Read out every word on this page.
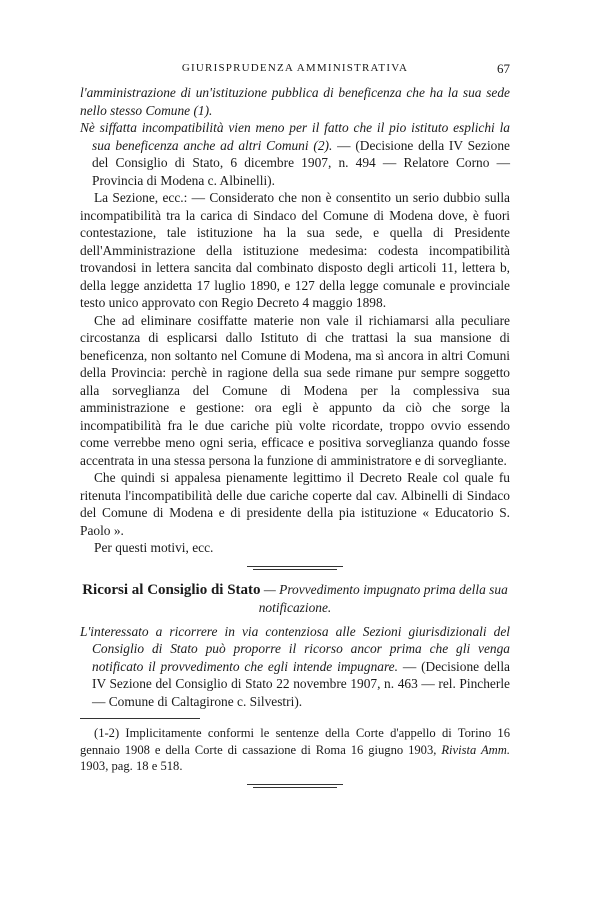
GIURISPRUDENZA AMMINISTRATIVA	67

l'amministrazione di un'istituzione pubblica di beneficenza che ha la sua sede nello stesso Comune (1).

Nè siffatta incompatibilità vien meno per il fatto che il pio istituto esplichi la sua beneficenza anche ad altri Comuni (2). — (Decisione della IV Sezione del Consiglio di Stato, 6 dicembre 1907, n. 494 — Relatore Corno — Provincia di Modena c. Albinelli).

La Sezione, ecc.: — Considerato che non è consentito un serio dubbio sulla incompatibilità tra la carica di Sindaco del Comune di Modena dove, è fuori contestazione, tale istituzione ha la sua sede, e quella di Presidente dell'Amministrazione della istituzione medesima: codesta incompatibilità trovandosi in lettera sancita dal combinato disposto degli articoli 11, lettera b, della legge anzidetta 17 luglio 1890, e 127 della legge comunale e provinciale testo unico approvato con Regio Decreto 4 maggio 1898.

Che ad eliminare cosiffatte materie non vale il richiamarsi alla peculiare circostanza di esplicarsi dallo Istituto di che trattasi la sua mansione di beneficenza, non soltanto nel Comune di Modena, ma sì ancora in altri Comuni della Provincia: perchè in ragione della sua sede rimane pur sempre soggetto alla sorveglianza del Comune di Modena per la complessiva sua amministrazione e gestione: ora egli è appunto da ciò che sorge la incompatibilità fra le due cariche più volte ricordate, troppo ovvio essendo come verrebbe meno ogni seria, efficace e positiva sorveglianza quando fosse accentrata in una stessa persona la funzione di amministratore e di sorvegliante.

Che quindi si appalesa pienamente legittimo il Decreto Reale col quale fu ritenuta l'incompatibilità delle due cariche coperte dal cav. Albinelli di Sindaco del Comune di Modena e di presidente della pia istituzione « Educatorio S. Paolo ».

Per questi motivi, ecc.

Ricorsi al Consiglio di Stato — Provvedimento impugnato prima della sua notificazione.

L'interessato a ricorrere in via contenziosa alle Sezioni giurisdizionali del Consiglio di Stato può proporre il ricorso ancor prima che gli venga notificato il provvedimento che egli intende impugnare. — (Decisione della IV Sezione del Consiglio di Stato 22 novembre 1907, n. 463 — rel. Pincherle — Comune di Caltagirone c. Silvestri).

(1-2) Implicitamente conformi le sentenze della Corte d'appello di Torino 16 gennaio 1908 e della Corte di cassazione di Roma 16 giugno 1903, Rivista Amm. 1903, pag. 18 e 518.
